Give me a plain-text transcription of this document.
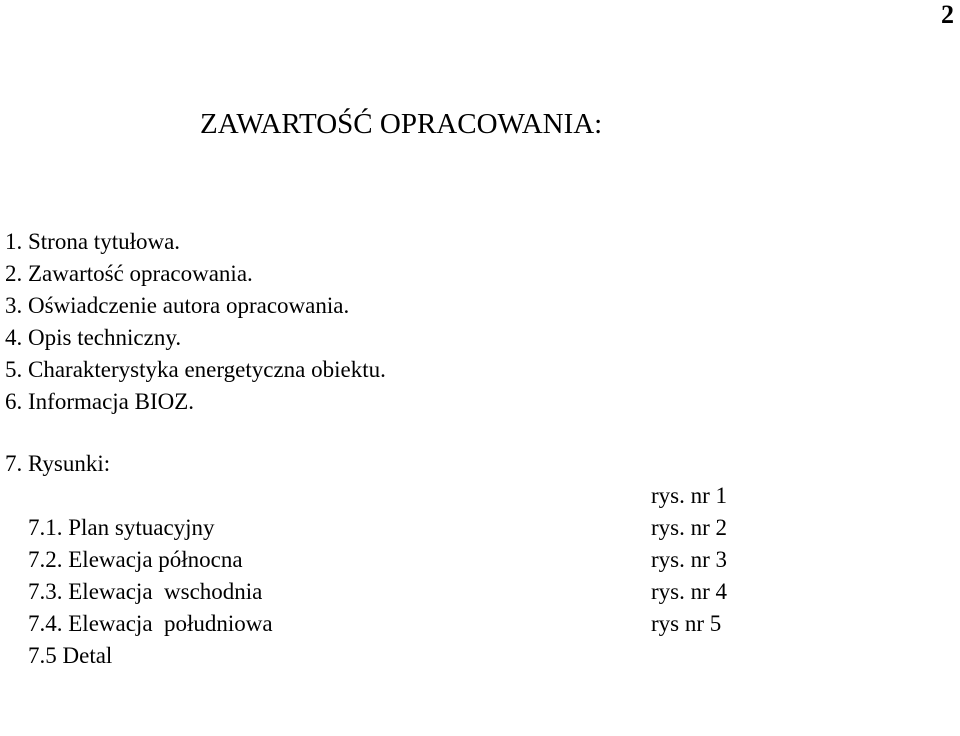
2
ZAWARTOŚĆ OPRACOWANIA:
1. Strona tytułowa.
2. Zawartość opracowania.
3. Oświadczenie autora opracowania.
4. Opis techniczny.
5. Charakterystyka energetyczna obiektu.
6. Informacja BIOZ.
7. Rysunki:

7.1. Plan sytuacyjny

rys. nr 1

7.2. Elewacja północna

rys. nr 2

7.3. Elewacja  wschodnia

rys. nr 3

7.4. Elewacja  południowa

rys. nr 4

7.5 Detal

rys nr 5
